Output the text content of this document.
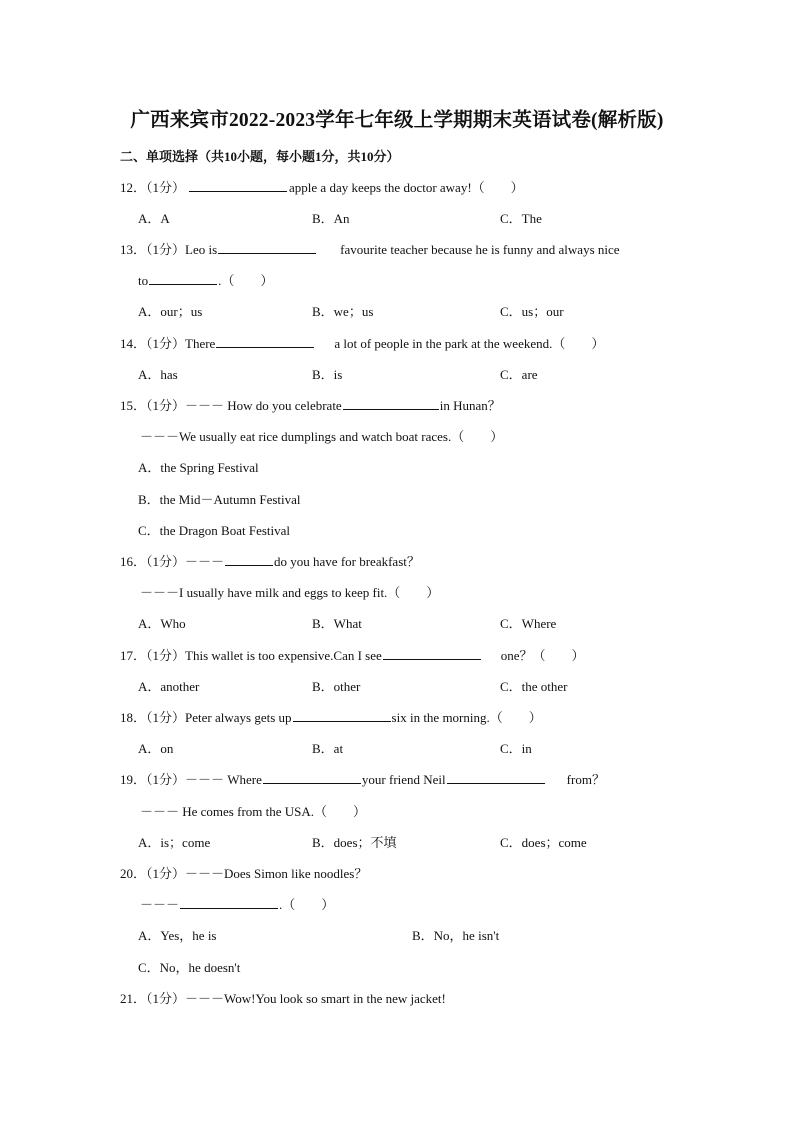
广西来宾市2022-2023学年七年级上学期期末英语试卷(解析版)
二、单项选择（共10小题，每小题1分，共10分）
12．（1分）	apple a day keeps the doctor away!（　　）
A．A	B．An	C．The
13．（1分）Leo is	favourite teacher because he is funny and always nice
to	.（　　）
A．our；us	B．we；us	C．us；our
14．（1分）There	a lot of people in the park at the weekend.（　　）
A．has	B．is	C．are
15．（1分）－－－ How do you celebrate	in Hunan？
－－－We usually eat rice dumplings and watch boat races.（　　）
A．the Spring Festival
B．the Mid－Autumn Festival
C．the Dragon Boat Festival
16．（1分）－－－	do you have for breakfast？
－－－I usually have milk and eggs to keep fit.（　　）
A．Who	B．What	C．Where
17．（1分）This wallet is too expensive.Can I see	one？（　　）
A．another	B．other	C．the other
18．（1分）Peter always gets up	six in the morning.（　　）
A．on	B．at	C．in
19．（1分）－－－ Where	your friend Neil	from？
－－－ He comes from the USA.（　　）
A．is；come	B．does；不填	C．does；come
20．（1分）－－－Does Simon like noodles？
－－－	.（　　）
A．Yes，he is	B．No，he isn't
C．No，he doesn't
21．（1分）－－－Wow!You look so smart in the new jacket!
